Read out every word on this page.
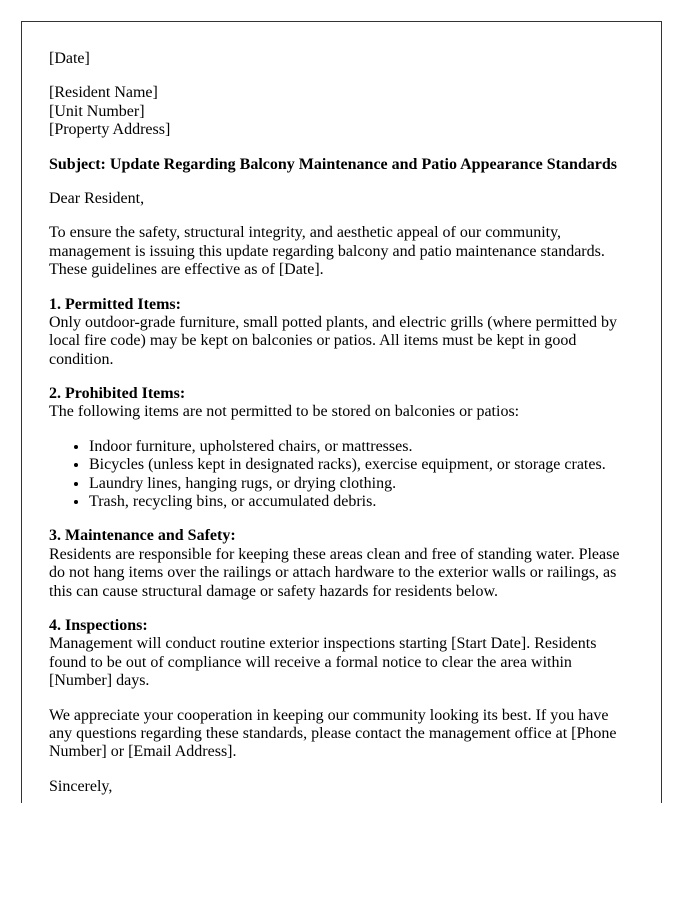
[Date]

[Resident Name]
[Unit Number]
[Property Address]

Subject: Update Regarding Balcony Maintenance and Patio Appearance Standards

Dear Resident,

To ensure the safety, structural integrity, and aesthetic appeal of our community, management is issuing this update regarding balcony and patio maintenance standards. These guidelines are effective as of [Date].

1. Permitted Items:
Only outdoor-grade furniture, small potted plants, and electric grills (where permitted by local fire code) may be kept on balconies or patios. All items must be kept in good condition.

2. Prohibited Items:
The following items are not permitted to be stored on balconies or patios:

• Indoor furniture, upholstered chairs, or mattresses.
• Bicycles (unless kept in designated racks), exercise equipment, or storage crates.
• Laundry lines, hanging rugs, or drying clothing.
• Trash, recycling bins, or accumulated debris.

3. Maintenance and Safety:
Residents are responsible for keeping these areas clean and free of standing water. Please do not hang items over the railings or attach hardware to the exterior walls or railings, as this can cause structural damage or safety hazards for residents below.

4. Inspections:
Management will conduct routine exterior inspections starting [Start Date]. Residents found to be out of compliance will receive a formal notice to clear the area within [Number] days.

We appreciate your cooperation in keeping our community looking its best. If you have any questions regarding these standards, please contact the management office at [Phone Number] or [Email Address].

Sincerely,
